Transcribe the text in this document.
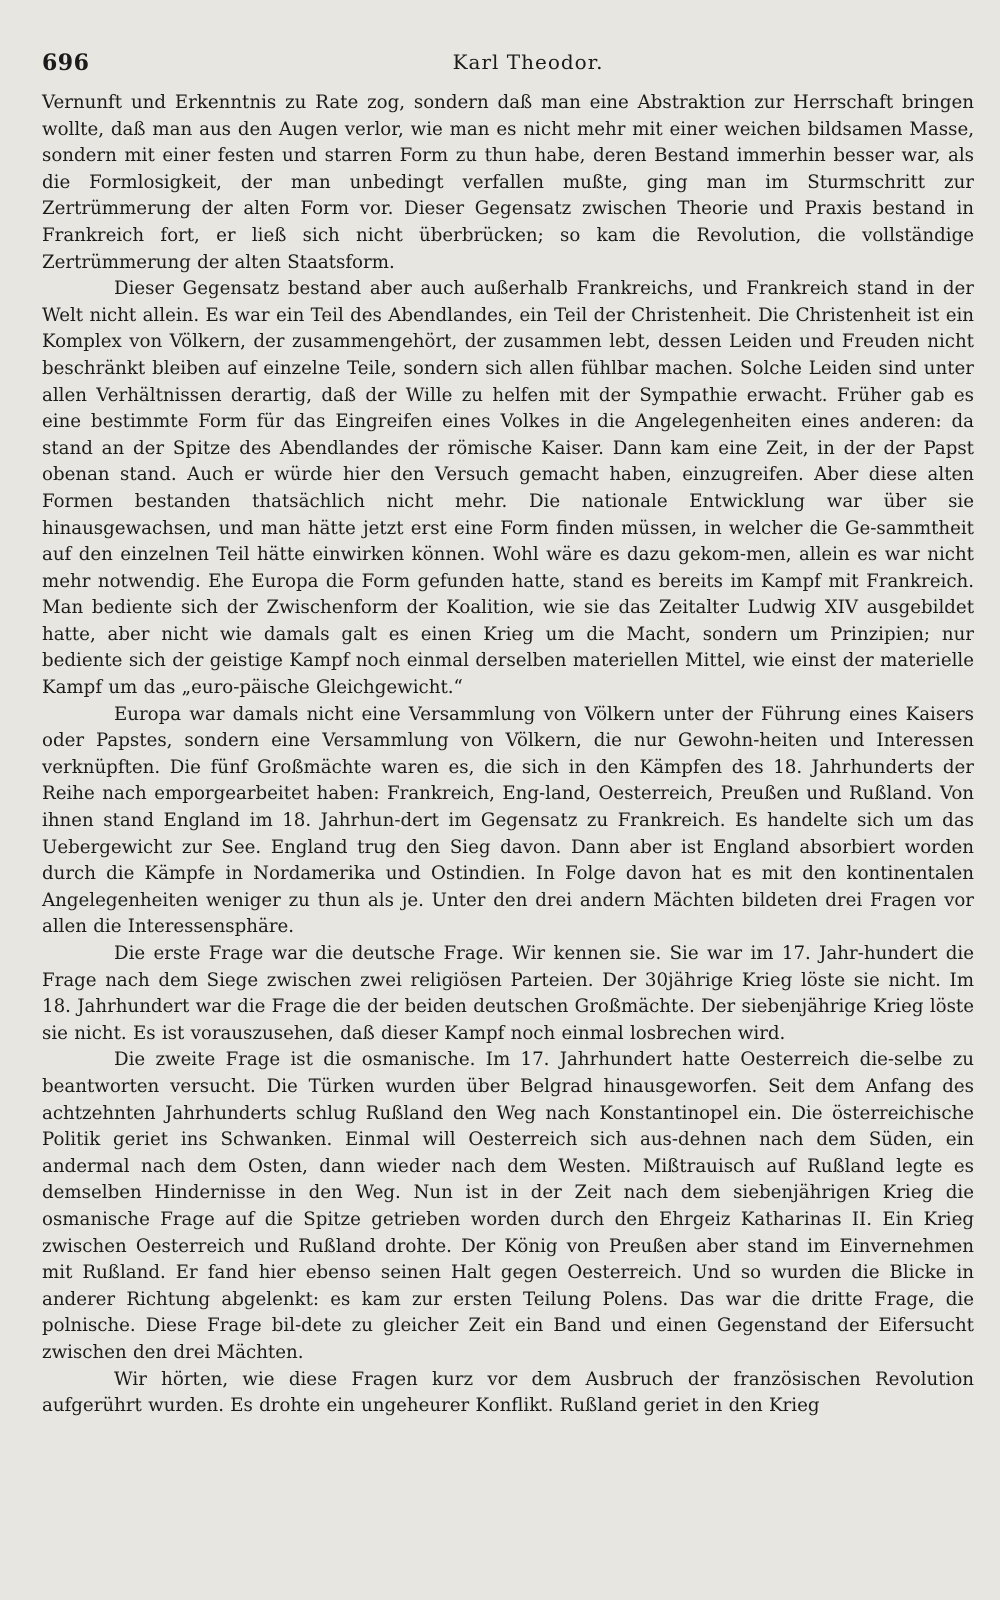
696	Karl Theodor.

Vernunft und Erkenntnis zu Rate zog, sondern daß man eine Abstraktion zur Herrschaft bringen wollte, daß man aus den Augen verlor, wie man es nicht mehr mit einer weichen bildsamen Masse, sondern mit einer festen und starren Form zu thun habe, deren Bestand immerhin besser war, als die Formlosigkeit, der man unbedingt verfallen mußte, ging man im Sturmschritt zur Zertrümmerung der alten Form vor. Dieser Gegensatz zwischen Theorie und Praxis bestand in Frankreich fort, er ließ sich nicht überbrücken; so kam die Revolution, die vollständige Zertrümmerung der alten Staatsform.

Dieser Gegensatz bestand aber auch außerhalb Frankreichs, und Frankreich stand in der Welt nicht allein. Es war ein Teil des Abendlandes, ein Teil der Christenheit. Die Christenheit ist ein Komplex von Völkern, der zusammengehört, der zusammen lebt, dessen Leiden und Freuden nicht beschränkt bleiben auf einzelne Teile, sondern sich allen fühlbar machen. Solche Leiden sind unter allen Verhältnissen derartig, daß der Wille zu helfen mit der Sympathie erwacht. Früher gab es eine bestimmte Form für das Eingreifen eines Volkes in die Angelegenheiten eines anderen: da stand an der Spitze des Abendlandes der römische Kaiser. Dann kam eine Zeit, in der der Papst obenan stand. Auch er würde hier den Versuch gemacht haben, einzugreifen. Aber diese alten Formen bestanden thatsächlich nicht mehr. Die nationale Entwicklung war über sie hinausgewachsen, und man hätte jetzt erst eine Form finden müssen, in welcher die Ge-sammtheit auf den einzelnen Teil hätte einwirken können. Wohl wäre es dazu gekom-men, allein es war nicht mehr notwendig. Ehe Europa die Form gefunden hatte, stand es bereits im Kampf mit Frankreich. Man bediente sich der Zwischenform der Koalition, wie sie das Zeitalter Ludwig XIV ausgebildet hatte, aber nicht wie damals galt es einen Krieg um die Macht, sondern um Prinzipien; nur bediente sich der geistige Kampf noch einmal derselben materiellen Mittel, wie einst der materielle Kampf um das „euro-päische Gleichgewicht.“

Europa war damals nicht eine Versammlung von Völkern unter der Führung eines Kaisers oder Papstes, sondern eine Versammlung von Völkern, die nur Gewohn-heiten und Interessen verknüpften. Die fünf Großmächte waren es, die sich in den Kämpfen des 18. Jahrhunderts der Reihe nach emporgearbeitet haben: Frankreich, Eng-land, Oesterreich, Preußen und Rußland. Von ihnen stand England im 18. Jahrhun-dert im Gegensatz zu Frankreich. Es handelte sich um das Uebergewicht zur See. England trug den Sieg davon. Dann aber ist England absorbiert worden durch die Kämpfe in Nordamerika und Ostindien. In Folge davon hat es mit den kontinentalen Angelegenheiten weniger zu thun als je. Unter den drei andern Mächten bildeten drei Fragen vor allen die Interessensphäre.

Die erste Frage war die deutsche Frage. Wir kennen sie. Sie war im 17. Jahr-hundert die Frage nach dem Siege zwischen zwei religiösen Parteien. Der 30jährige Krieg löste sie nicht. Im 18. Jahrhundert war die Frage die der beiden deutschen Großmächte. Der siebenjährige Krieg löste sie nicht. Es ist vorauszusehen, daß dieser Kampf noch einmal losbrechen wird.

Die zweite Frage ist die osmanische. Im 17. Jahrhundert hatte Oesterreich die-selbe zu beantworten versucht. Die Türken wurden über Belgrad hinausgeworfen. Seit dem Anfang des achtzehnten Jahrhunderts schlug Rußland den Weg nach Konstantinopel ein. Die österreichische Politik geriet ins Schwanken. Einmal will Oesterreich sich aus-dehnen nach dem Süden, ein andermal nach dem Osten, dann wieder nach dem Westen. Mißtrauisch auf Rußland legte es demselben Hindernisse in den Weg. Nun ist in der Zeit nach dem siebenjährigen Krieg die osmanische Frage auf die Spitze getrieben worden durch den Ehrgeiz Katharinas II. Ein Krieg zwischen Oesterreich und Rußland drohte. Der König von Preußen aber stand im Einvernehmen mit Rußland. Er fand hier ebenso seinen Halt gegen Oesterreich. Und so wurden die Blicke in anderer Richtung abgelenkt: es kam zur ersten Teilung Polens. Das war die dritte Frage, die polnische. Diese Frage bil-dete zu gleicher Zeit ein Band und einen Gegenstand der Eifersucht zwischen den drei Mächten.

Wir hörten, wie diese Fragen kurz vor dem Ausbruch der französischen Revolution aufgerührt wurden. Es drohte ein ungeheurer Konflikt. Rußland geriet in den Krieg
